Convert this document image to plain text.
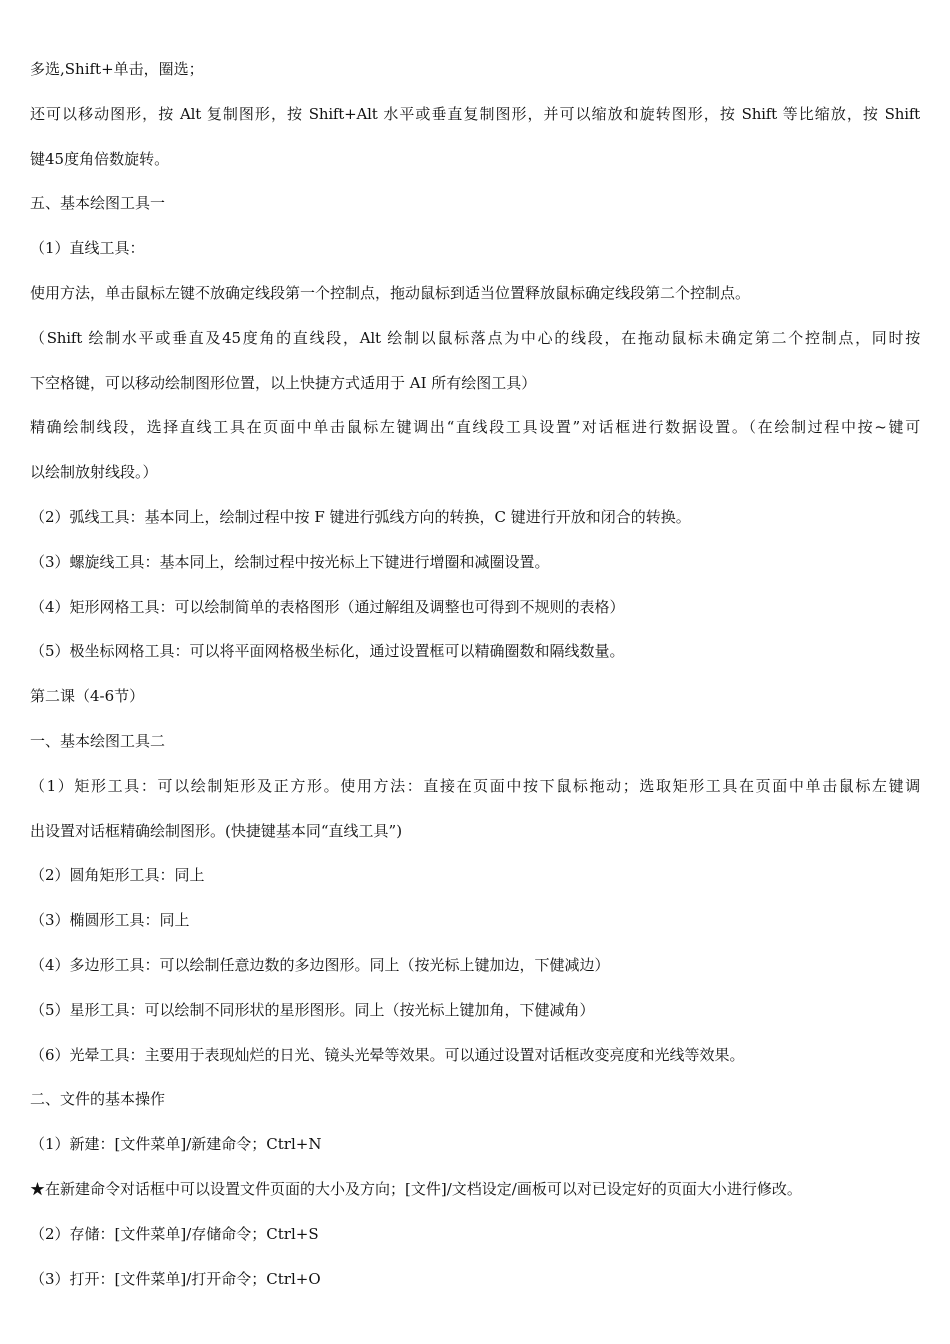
多选,Shift+单击，圈选；
还可以移动图形，按 Alt 复制图形，按 Shift+Alt 水平或垂直复制图形，并可以缩放和旋转图形，按 Shift 等比缩放，按 Shift
键45度角倍数旋转。
五、基本绘图工具一
（1）直线工具：
使用方法，单击鼠标左键不放确定线段第一个控制点，拖动鼠标到适当位置释放鼠标确定线段第二个控制点。
（Shift 绘制水平或垂直及45度角的直线段，Alt 绘制以鼠标落点为中心的线段，在拖动鼠标未确定第二个控制点，同时按
下空格键，可以移动绘制图形位置，以上快捷方式适用于 AI 所有绘图工具）
精确绘制线段，选择直线工具在页面中单击鼠标左键调出“直线段工具设置”对话框进行数据设置。（在绘制过程中按~键可
以绘制放射线段。）
（2）弧线工具：基本同上，绘制过程中按 F 键进行弧线方向的转换，C 键进行开放和闭合的转换。
（3）螺旋线工具：基本同上，绘制过程中按光标上下键进行增圈和减圈设置。
（4）矩形网格工具：可以绘制简单的表格图形（通过解组及调整也可得到不规则的表格）
（5）极坐标网格工具：可以将平面网格极坐标化，通过设置框可以精确圈数和隔线数量。
第二课（4-6节）
一、基本绘图工具二
（1）矩形工具：可以绘制矩形及正方形。使用方法：直接在页面中按下鼠标拖动；选取矩形工具在页面中单击鼠标左键调
出设置对话框精确绘制图形。(快捷键基本同“直线工具”)
（2）圆角矩形工具：同上
（3）椭圆形工具：同上
（4）多边形工具：可以绘制任意边数的多边图形。同上（按光标上键加边，下健减边）
（5）星形工具：可以绘制不同形状的星形图形。同上（按光标上键加角，下健减角）
（6）光晕工具：主要用于表现灿烂的日光、镜头光晕等效果。可以通过设置对话框改变亮度和光线等效果。
二、文件的基本操作
（1）新建：[文件菜单]/新建命令；Ctrl+N
★在新建命令对话框中可以设置文件页面的大小及方向；[文件]/文档设定/画板可以对已设定好的页面大小进行修改。
（2）存储：[文件菜单]/存储命令；Ctrl+S
（3）打开：[文件菜单]/打开命令；Ctrl+O
